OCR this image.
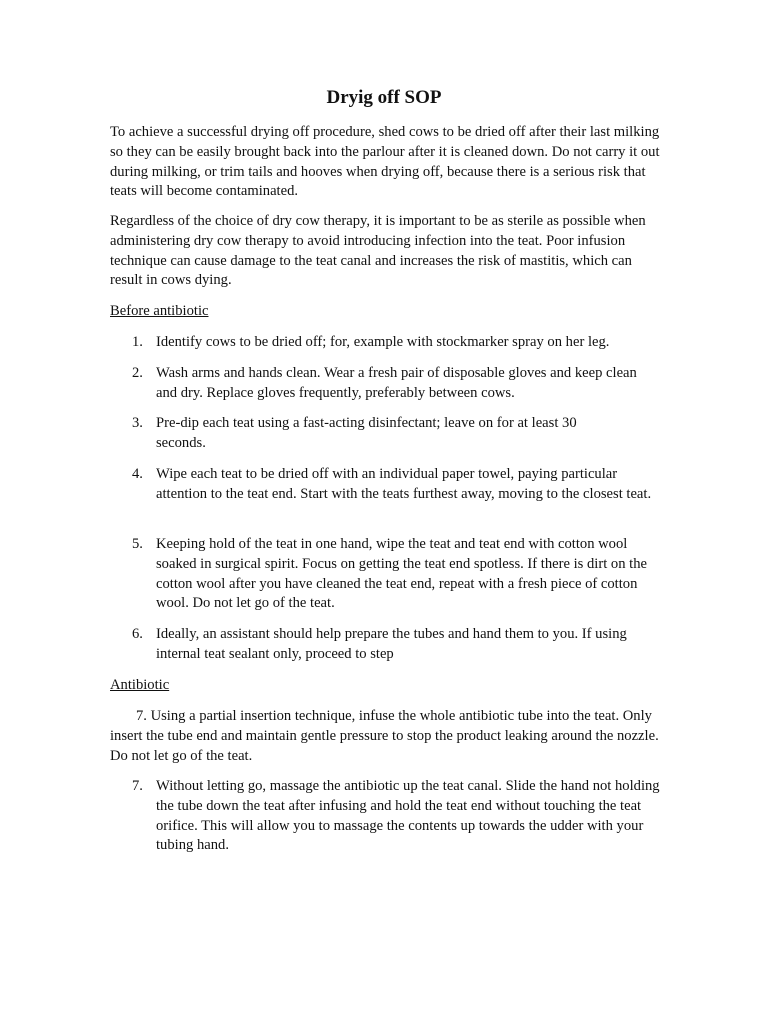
Dryig off SOP

To achieve a successful drying off procedure, shed cows to be dried off after their last milking so they can be easily brought back into the parlour after it is cleaned down. Do not carry it out during milking, or trim tails and hooves when drying off, because there is a serious risk that teats will become contaminated.

Regardless of the choice of dry cow therapy, it is important to be as sterile as possible when administering dry cow therapy to avoid introducing infection into the teat. Poor infusion technique can cause damage to the teat canal and increases the risk of mastitis, which can result in cows dying.

Before antibiotic

1. Identify cows to be dried off; for, example with stockmarker spray on her leg.
2. Wash arms and hands clean. Wear a fresh pair of disposable gloves and keep clean and dry. Replace gloves frequently, preferably between cows.
3. Pre-dip each teat using a fast-acting disinfectant; leave on for at least 30 seconds.
4. Wipe each teat to be dried off with an individual paper towel, paying particular attention to the teat end. Start with the teats furthest away, moving to the closest teat.
5. Keeping hold of the teat in one hand, wipe the teat and teat end with cotton wool soaked in surgical spirit. Focus on getting the teat end spotless. If there is dirt on the cotton wool after you have cleaned the teat end, repeat with a fresh piece of cotton wool. Do not let go of the teat.
6. Ideally, an assistant should help prepare the tubes and hand them to you. If using internal teat sealant only, proceed to step

Antibiotic

7. Using a partial insertion technique, infuse the whole antibiotic tube into the teat. Only insert the tube end and maintain gentle pressure to stop the product leaking around the nozzle. Do not let go of the teat.

7. Without letting go, massage the antibiotic up the teat canal. Slide the hand not holding the tube down the teat after infusing and hold the teat end without touching the teat orifice. This will allow you to massage the contents up towards the udder with your tubing hand.
